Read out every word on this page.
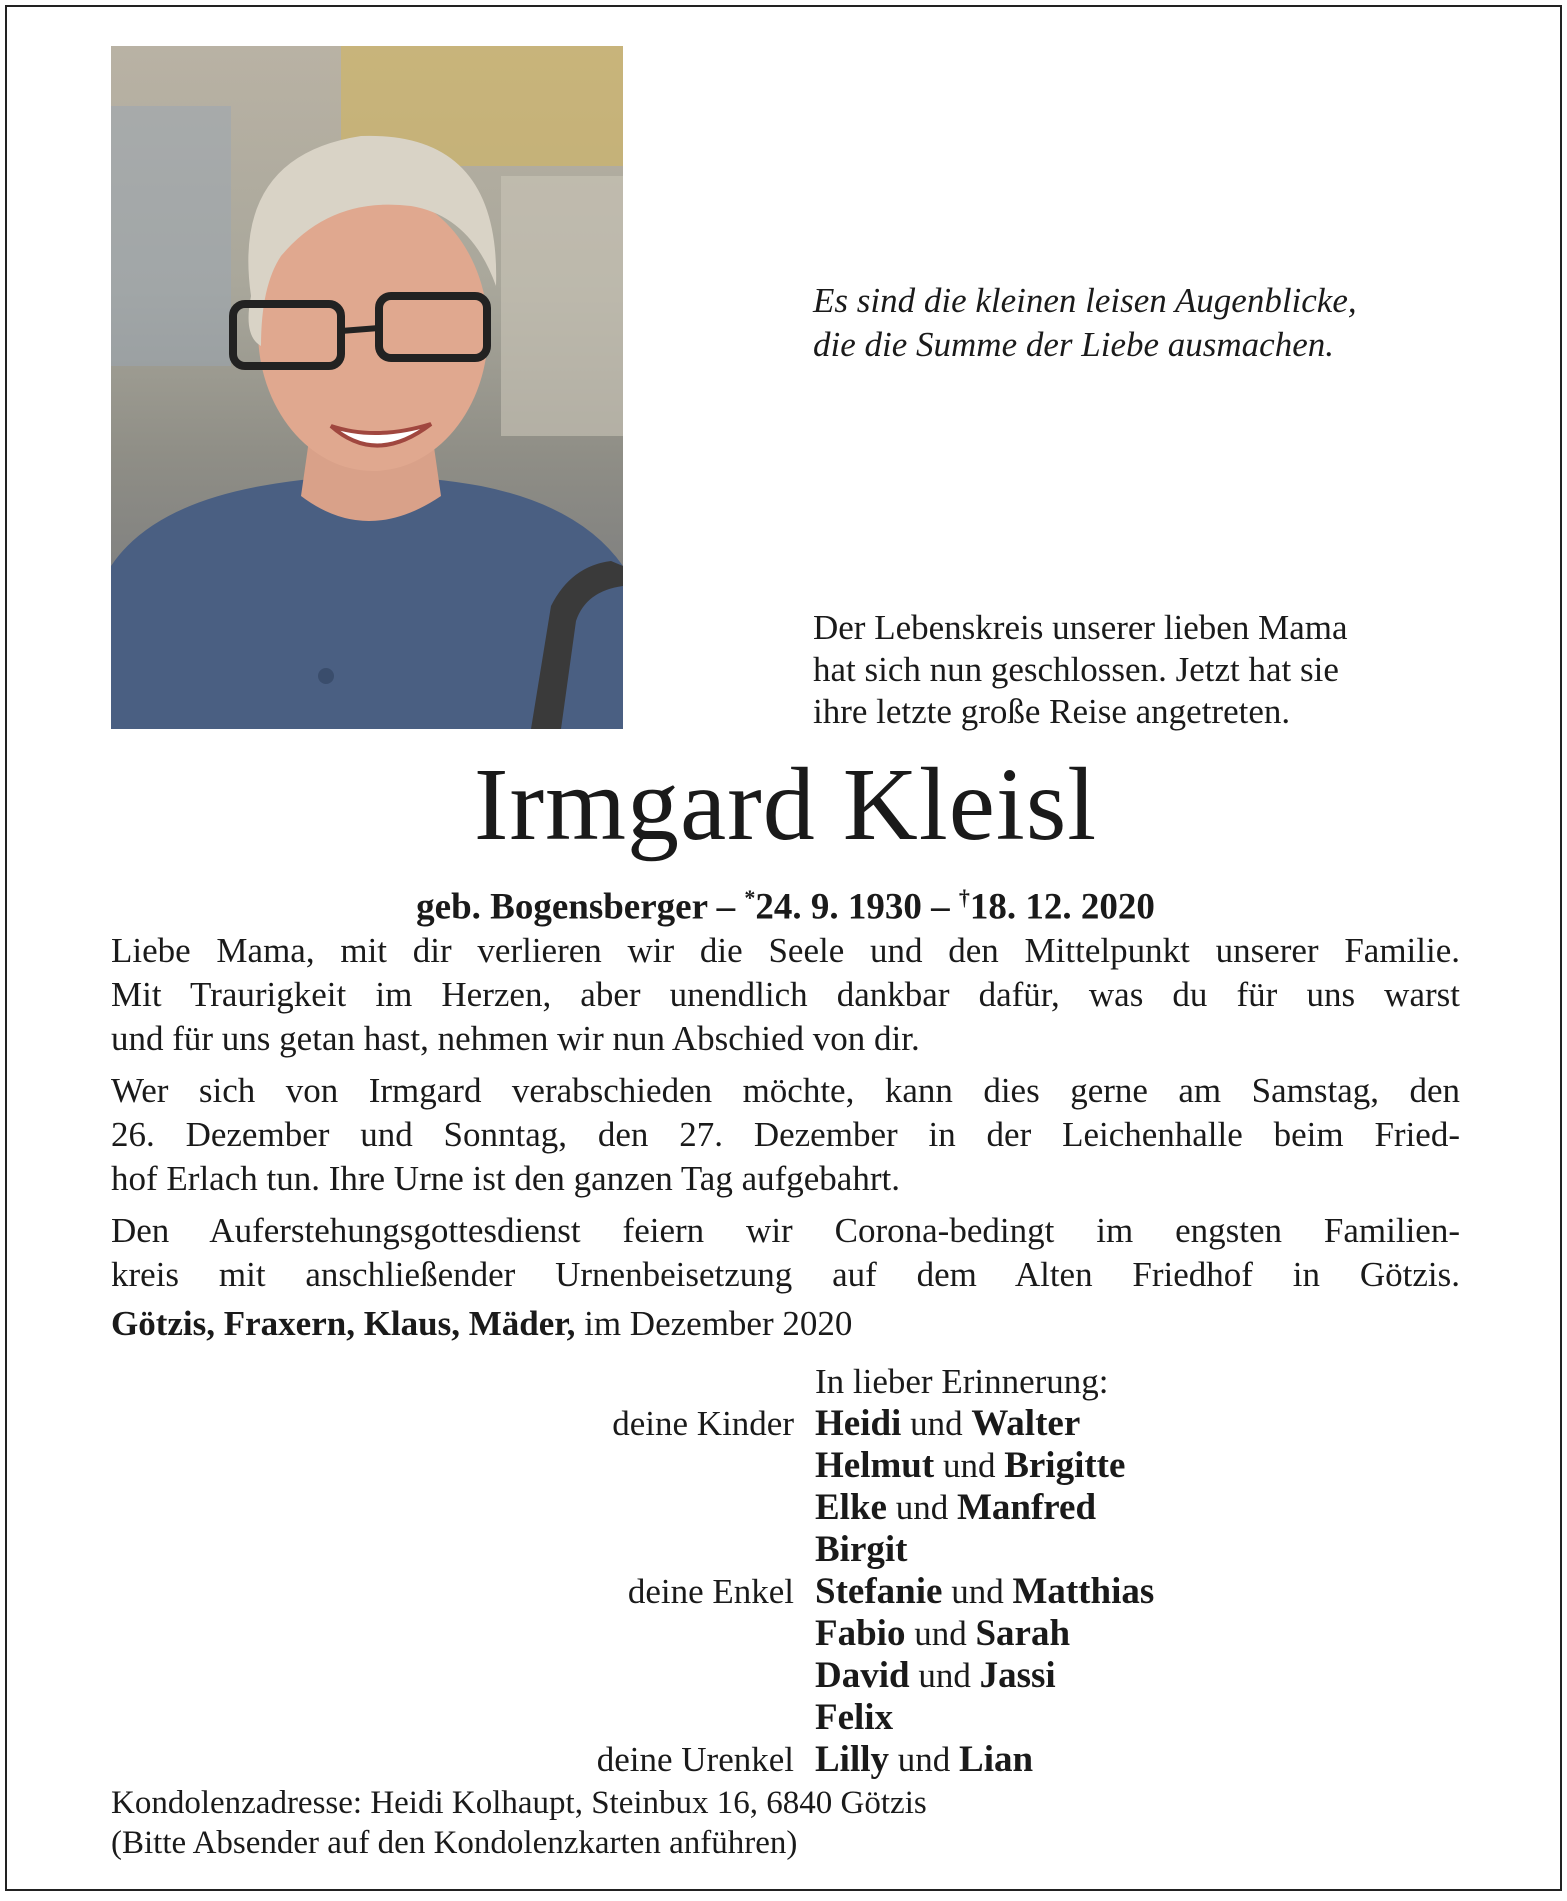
Es sind die kleinen leisen Augenblicke,
die die Summe der Liebe ausmachen.
Der Lebenskreis unserer lieben Mama
hat sich nun geschlossen. Jetzt hat sie
ihre letzte große Reise angetreten.
Irmgard Kleisl
geb. Bogensberger – *24. 9. 1930 – †18. 12. 2020
Liebe Mama, mit dir verlieren wir die Seele und den Mittelpunkt unserer Familie.
Mit Traurigkeit im Herzen, aber unendlich dankbar dafür, was du für uns warst
und für uns getan hast, nehmen wir nun Abschied von dir.
Wer sich von Irmgard verabschieden möchte, kann dies gerne am Samstag, den
26. Dezember und Sonntag, den 27. Dezember in der Leichenhalle beim Fried-
hof Erlach tun. Ihre Urne ist den ganzen Tag aufgebahrt.
Den Auferstehungsgottesdienst feiern wir Corona-bedingt im engsten Familien-
kreis mit anschließender Urnenbeisetzung auf dem Alten Friedhof in Götzis.
Götzis, Fraxern, Klaus, Mäder, im Dezember 2020
In lieber Erinnerung:
deine Kinder Heidi und Walter
Helmut und Brigitte
Elke und Manfred
Birgit
deine Enkel Stefanie und Matthias
Fabio und Sarah
David und Jassi
Felix
deine Urenkel Lilly und Lian
Kondolenzadresse: Heidi Kolhaupt, Steinbux 16, 6840 Götzis
(Bitte Absender auf den Kondolenzkarten anführen)
